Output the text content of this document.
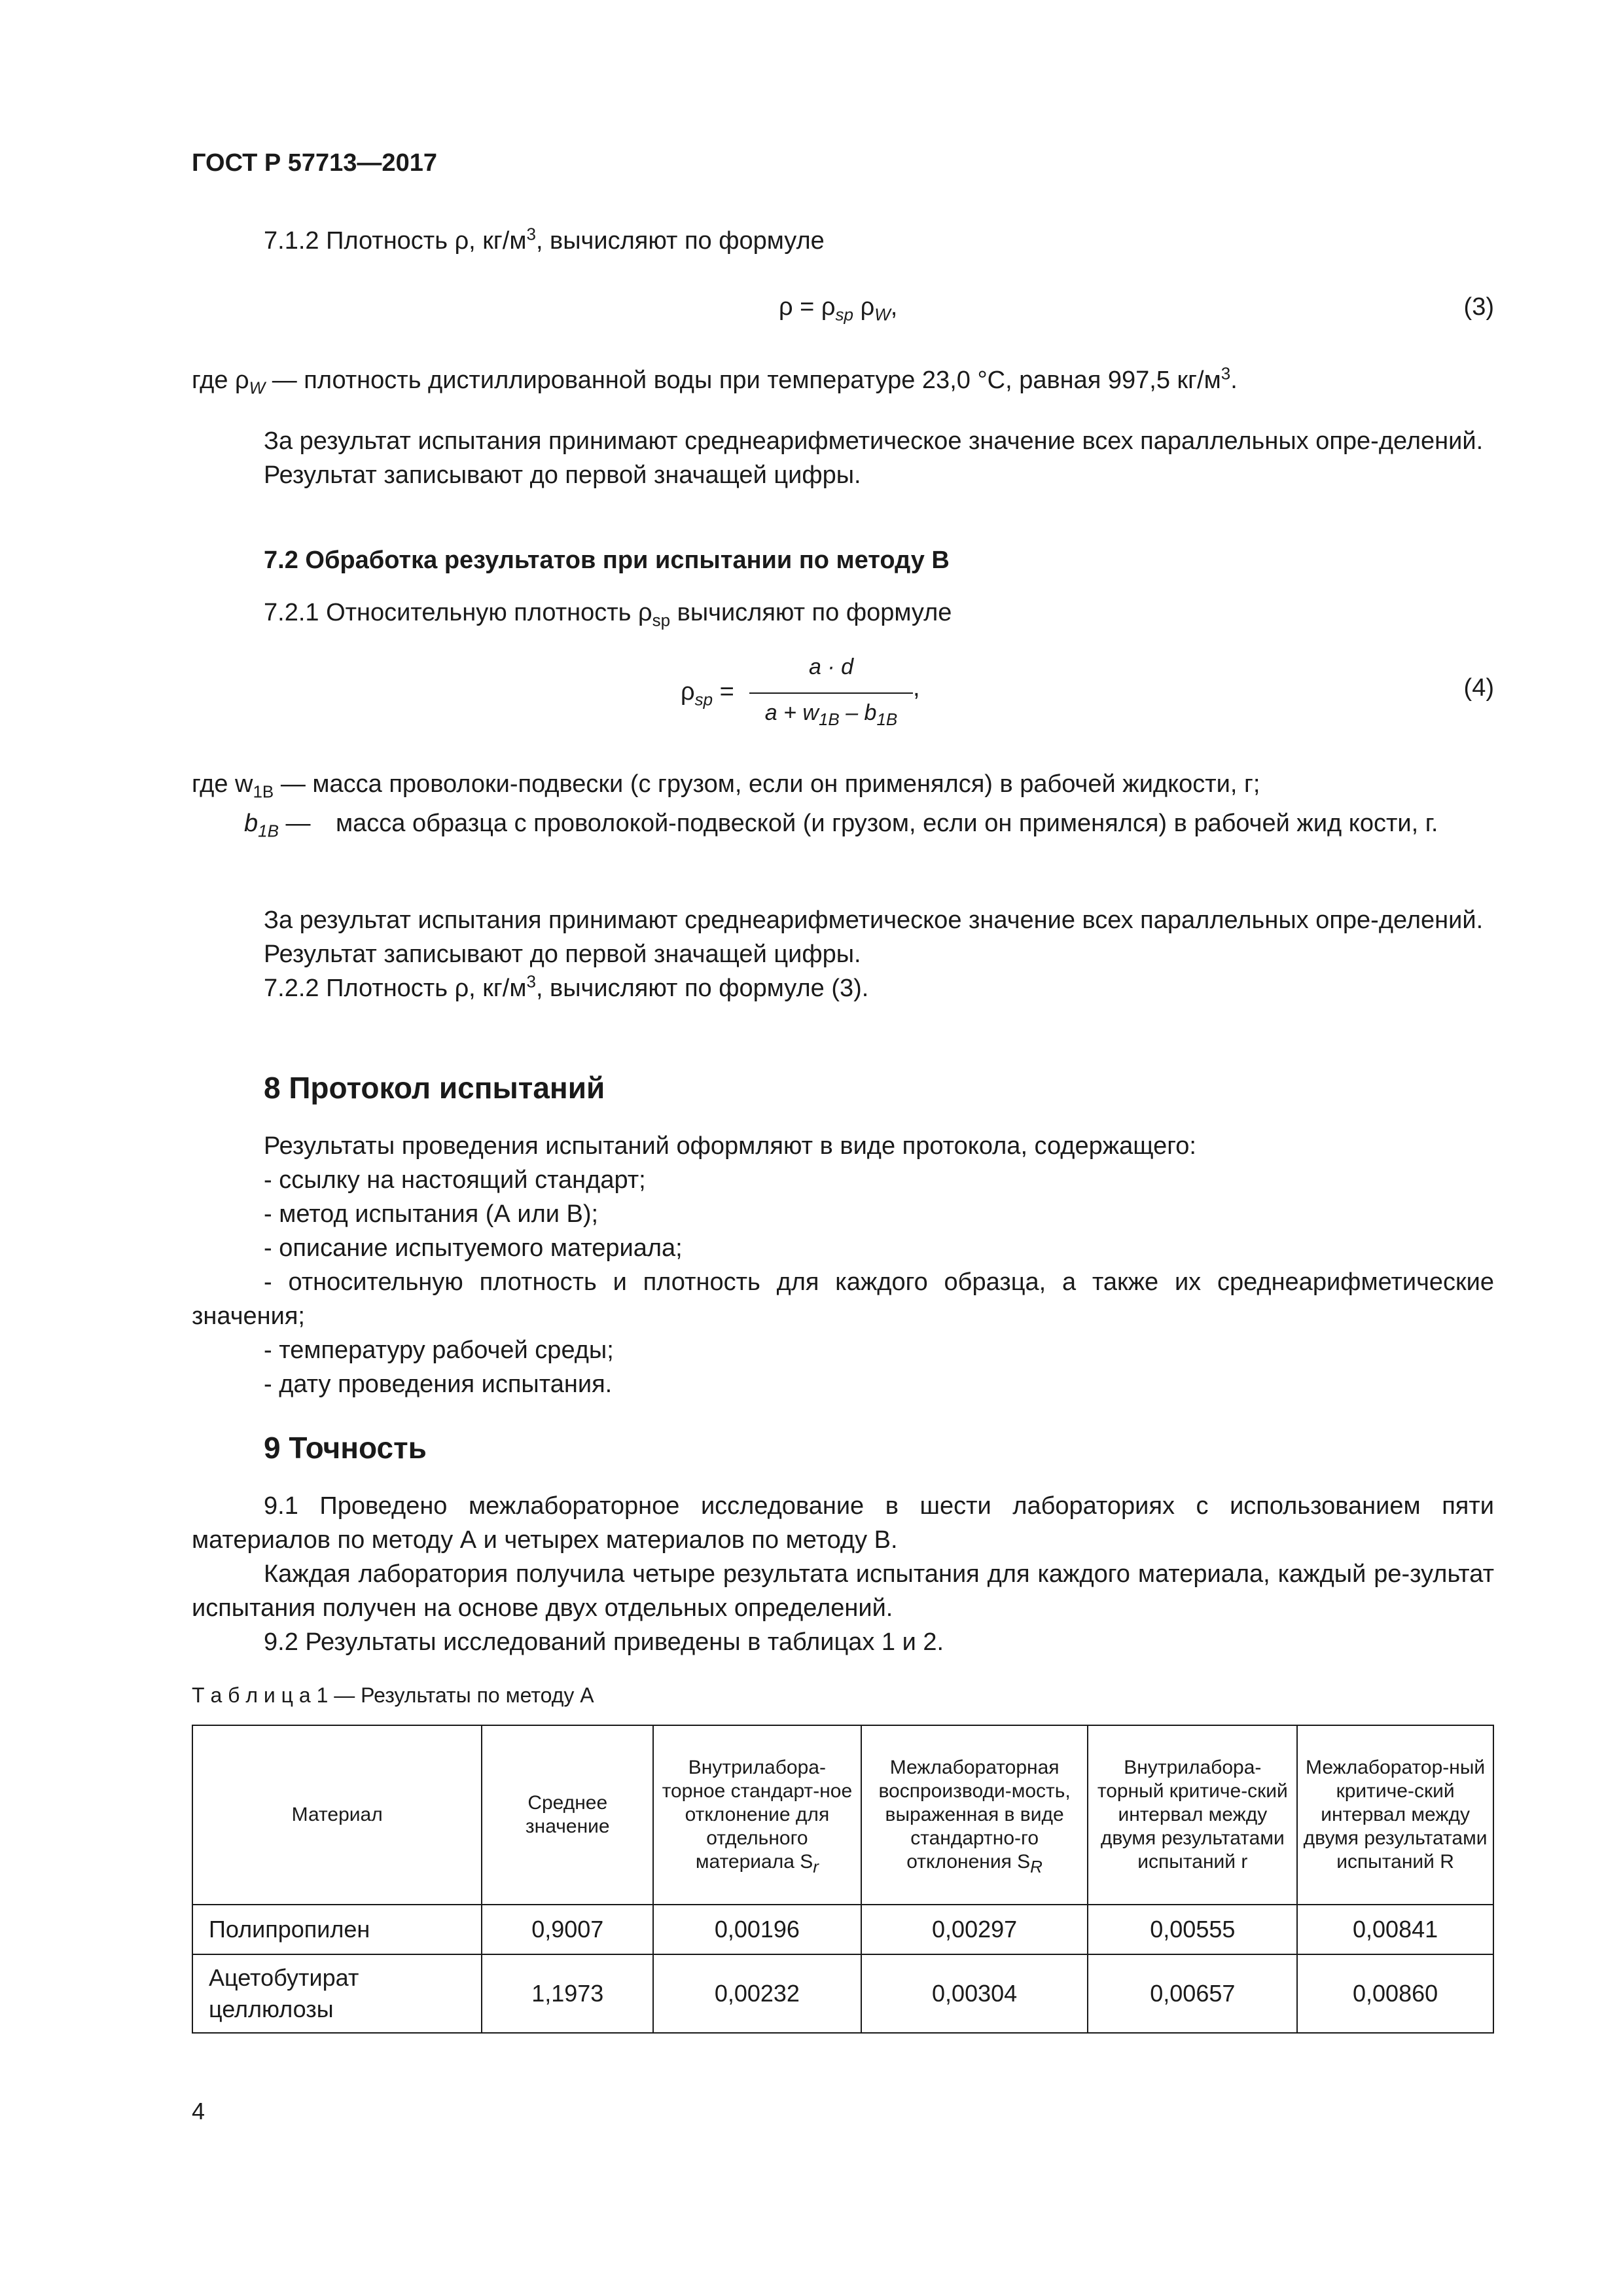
ГОСТ Р 57713—2017

7.1.2 Плотность ρ, $кг/м^3$, вычисляют по формуле

$\rho = \rho_{sp}$ $\rho_W$,	(3)

где $\rho_W$ — плотность дистиллированной воды при температуре 23,0 °С, равная 997,5 $кг/м^3$.

За результат испытания принимают среднеарифметическое значение всех параллельных опре-делений.

Результат записывают до первой значащей цифры.

7.2 Обработка результатов при испытании по методу В

7.2.1 Относительную плотность $\rho_{sp}$ вычисляют по формуле

$\rho_{sp}$ =
a · d
$a + w_{1B} - b_{1B}$
,	(4)
где $w_{1B}$ — масса проволоки-подвески (с грузом, если он применялся) в рабочей жидкости, г;
$b_{1B}$ —	масса образца с проволокой-подвеской (и грузом, если он применялся) в рабочей жид кости, г.

За результат испытания принимают среднеарифметическое значение всех параллельных опре-делений.

Результат записывают до первой значащей цифры.

7.2.2 Плотность ρ, $кг/м^3$, вычисляют по формуле (3).

8 Протокол испытаний

Результаты проведения испытаний оформляют в виде протокола, содержащего:

- ссылку на настоящий стандарт;

- метод испытания (А или В);

- описание испытуемого материала;

- относительную плотность и плотность для каждого образца, а также их среднеарифметические значения;

- температуру рабочей среды;

- дату проведения испытания.

9 Точность

9.1 Проведено межлабораторное исследование в шести лабораториях с использованием пяти материалов по методу А и четырех материалов по методу В.

Каждая лаборатория получила четыре результата испытания для каждого материала, каждый ре-зультат испытания получен на основе двух отдельных определений.

9.2 Результаты исследований приведены в таблицах 1 и 2.

Т а б л и ц а 1 — Результаты по методу А
Материал	Среднее значение	Внутрилабора-торное стандарт-ное отклонение для отдельного материала $S_r$	Межлабораторная воспроизводи-мость, выраженная в виде стандартно-го отклонения $S_R$	Внутрилабора-торный критиче-ский интервал между двумя результатами испытаний r	Межлаборатор-ный критиче-ский интервал между двумя результатами испытаний R
Полипропилен	0,9007	0,00196	0,00297	0,00555	0,00841
Ацетобутират целлюлозы	1,1973	0,00232	0,00304	0,00657	0,00860
4
